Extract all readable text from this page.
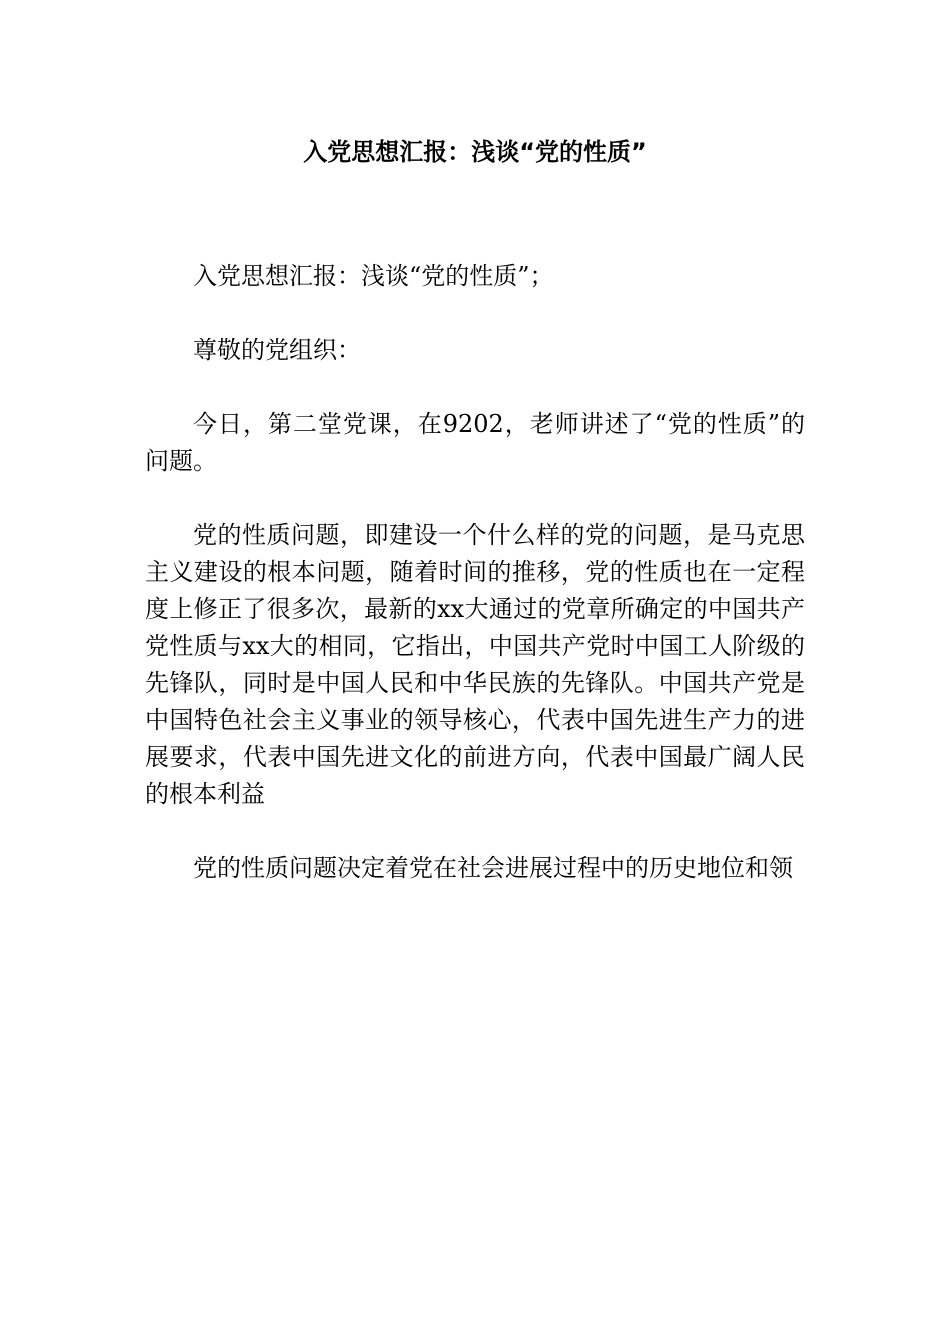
入党思想汇报：浅谈“党的性质”

入党思想汇报：浅谈“党的性质”；

尊敬的党组织：

今日，第二堂党课，在9202，老师讲述了“党的性质”的问题。

党的性质问题，即建设一个什么样的党的问题，是马克思主义建设的根本问题，随着时间的推移，党的性质也在一定程度上修正了很多次，最新的xx大通过的党章所确定的中国共产党性质与xx大的相同，它指出，中国共产党时中国工人阶级的先锋队，同时是中国人民和中华民族的先锋队。中国共产党是中国特色社会主义事业的领导核心，代表中国先进生产力的进展要求，代表中国先进文化的前进方向，代表中国最广阔人民的根本利益

党的性质问题决定着党在社会进展过程中的历史地位和领
